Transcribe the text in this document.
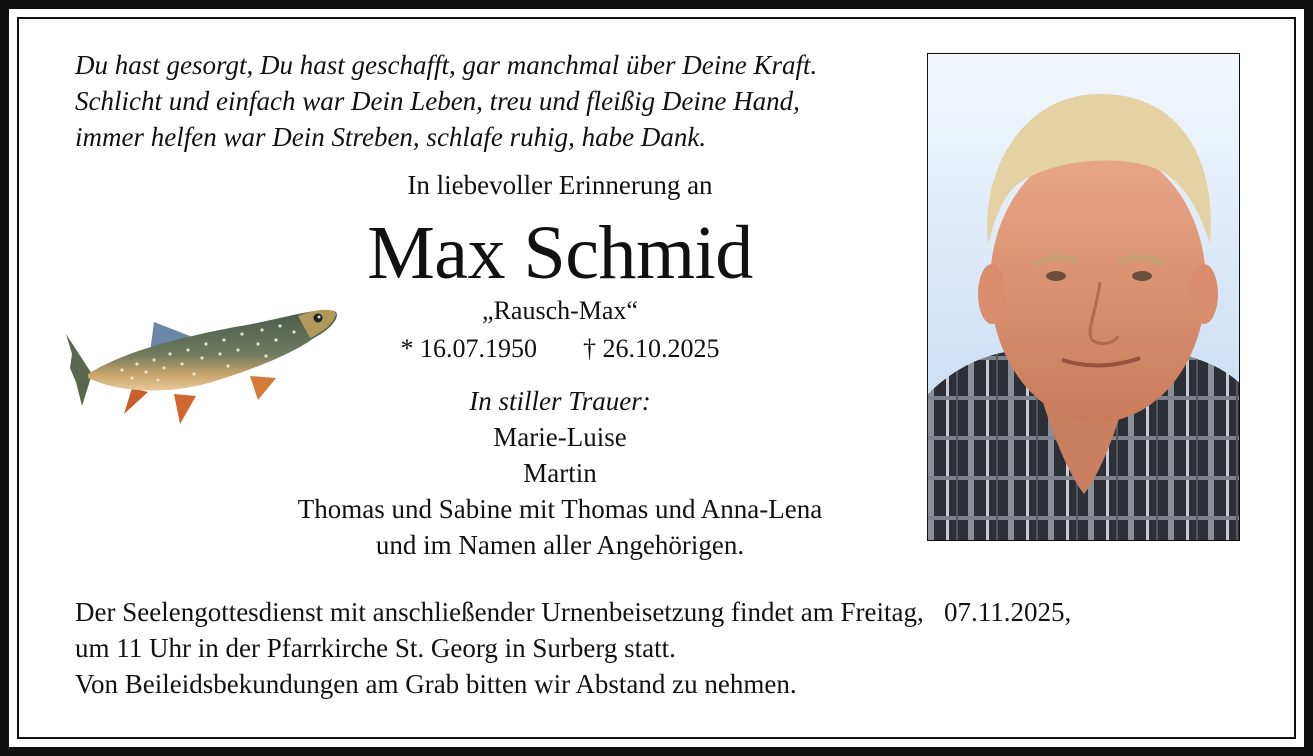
Du hast gesorgt, Du hast geschafft, gar manchmal über Deine Kraft.
Schlicht und einfach war Dein Leben, treu und fleißig Deine Hand,
immer helfen war Dein Streben, schlafe ruhig, habe Dank.
In liebevoller Erinnerung an
Max Schmid
„Rausch-Max“
* 16.07.1950 † 26.10.2025
In stiller Trauer:
Marie-Luise
Martin
Thomas und Sabine mit Thomas und Anna-Lena
und im Namen aller Angehörigen.
Der Seelengottesdienst mit anschließender Urnenbeisetzung findet am Freitag,   07.11.2025,
um 11 Uhr in der Pfarrkirche St. Georg in Surberg statt.
Von Beileidsbekundungen am Grab bitten wir Abstand zu nehmen.
